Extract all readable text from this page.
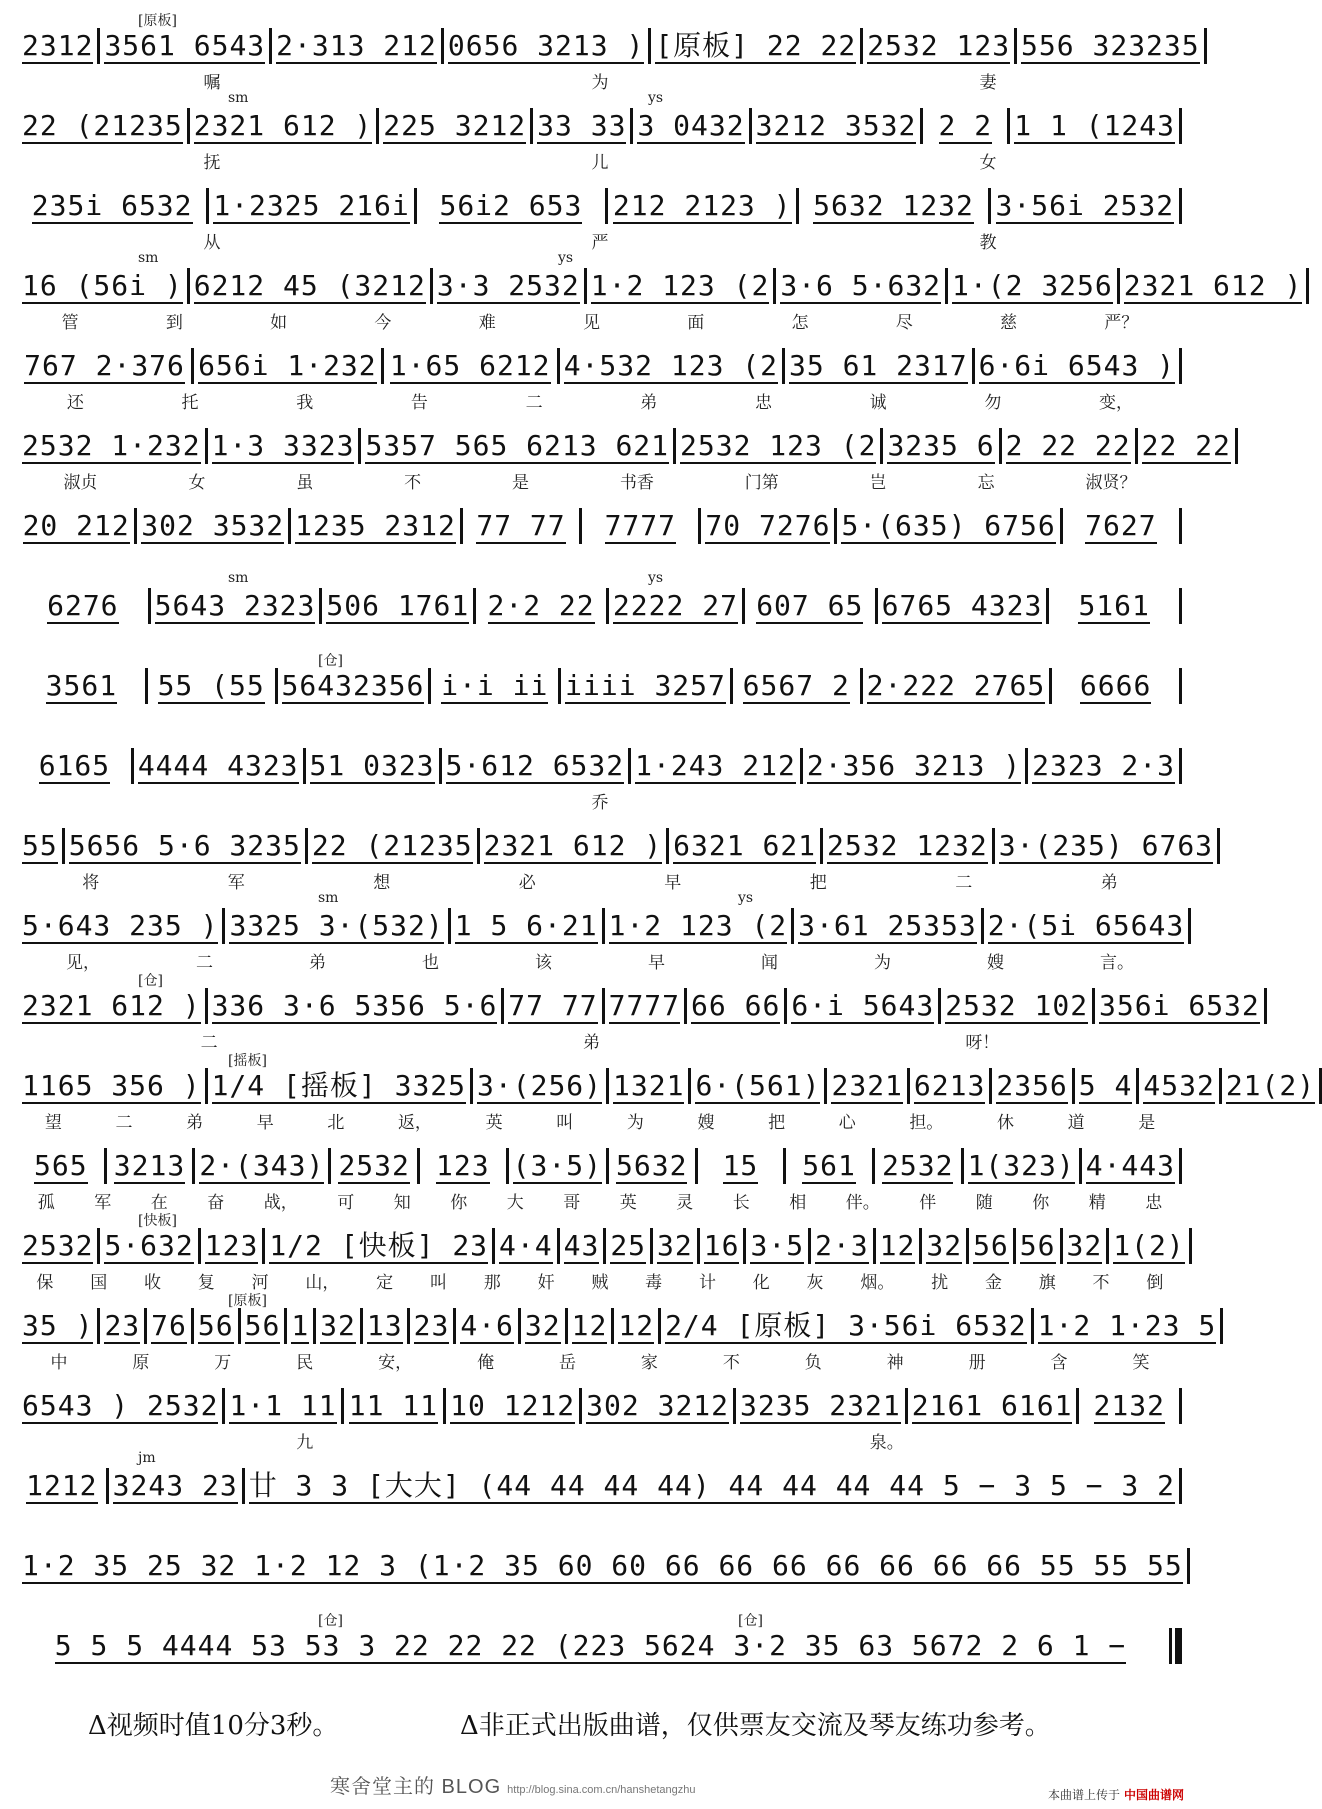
2312 3561 6543 2·313 212 0656 3213 ) [原板] 22 22 2532 123 556 323235
嘱	为	妻
[原板]
22 (21235 2321 612 ) 225 3212 33 33 3 0432 3212 3532 2 2 1 1 (1243
抚	儿	女
sm	ys
235i 6532 1·2325 216i 56i2 653 212 2123 ) 5632 1232 3·56i 2532
从	严	教
16 (56i ) 6212 45 (3212 3·3 2532 1·2 123 (2 3·6 5·632 1·(2 3256 2321 612 )
管	到	如	今	难	见	面	怎	尽	慈	严？
sm	ys
767 2·376 656i 1·232 1·65 6212 4·532 123 (2 35 61 2317 6·6i 6543 )
还	托	我	告	二	弟	忠	诚	勿	变，
2532 1·232 1·3 3323 5357 565 6213 621 2532 123 (2 3235 6 2 22 22 22 22
淑贞	女	虽	不	是	书香	门第	岂	忘	淑贤？
20 212 302 3532 1235 2312 77 77 7777 70 7276 5·(635) 6756 7627
6276 5643 2323 506 1761 2·2 22 2222 27 607 65 6765 4323 5161
sm	ys
3561 55 (55 56432356 i·i ii iiii 3257 6567 2 2·222 2765 6666
[仓]
6165 4444 4323 51 0323 5·612 6532 1·243 212 2·356 3213 ) 2323 2·3
乔
55 5656 5·6 3235 22 (21235 2321 612 ) 6321 621 2532 1232 3·(235) 6763
将	军	想	必	早	把	二	弟
5·643 235 ) 3325 3·(532) 1 5 6·21 1·2 123 (2 3·61 25353 2·(5i 65643
见，	二	弟	也	该	早	闻	为	嫂	言。
sm	ys
2321 612 ) 336 3·6 5356 5·6 77 77 7777 66 66 6·i 5643 2532 102 356i 6532
二	弟	呀！
[仓]
1165 356 ) 1/4 [摇板] 3325 3·(256) 1321 6·(561) 2321 6213 2356 5 4 4532 21(2)
望	二	弟	早	北	返，	英	叫	为	嫂	把	心	担。	休	道	是
[摇板]
565 3213 2·(343) 2532 123 (3·5) 5632 15 561 2532 1(323) 4·443
孤 军 在 奋 战， 可 知 你 大 哥 英 灵 长 相 伴。 伴 随 你 精 忠
2532 5·632 123 1/2 [快板] 23 4·4 43 25 32 16 3·5 2·3 12 32 56 56 32 1(2)
保 国 收 复 河 山， 定 叫 那 奸 贼 毒 计 化 灰 烟。 扰 金 旗 不 倒
[快板]
35 ) 23 76 56 56 1 32 13 23 4·6 32 12 12 2/4 [原板] 3·56i 6532 1·2 1·23 5
中	原	万	民	安，	俺	岳	家	不	负	神	册	含	笑
[原板]
6543 ) 2532 1·1 11 11 11 10 1212 302 3212 3235 2321 2161 6161 2132
九	泉。
1212 3243 23 廿 3 3 [大大] (44 44 44 44) 44 44 44 44 5 − 3 5 − 3 2
jm
1·2 35 25 32 1·2 12 3 (1·2 35 60 60 66 66 66 66 66 66 66 55 55 55
5 5 5 4444 53 53 3 22 22 22 (223 5624 3·2 35 63 5672 2 6 1 −
[仓]	[仓]
Δ视频时值10分3秒。	Δ非正式出版曲谱，仅供票友交流及琴友练功参考。
寒舍堂主的 BLOG http://blog.sina.com.cn/hanshetangzhu	本曲谱上传于 中国曲谱网
